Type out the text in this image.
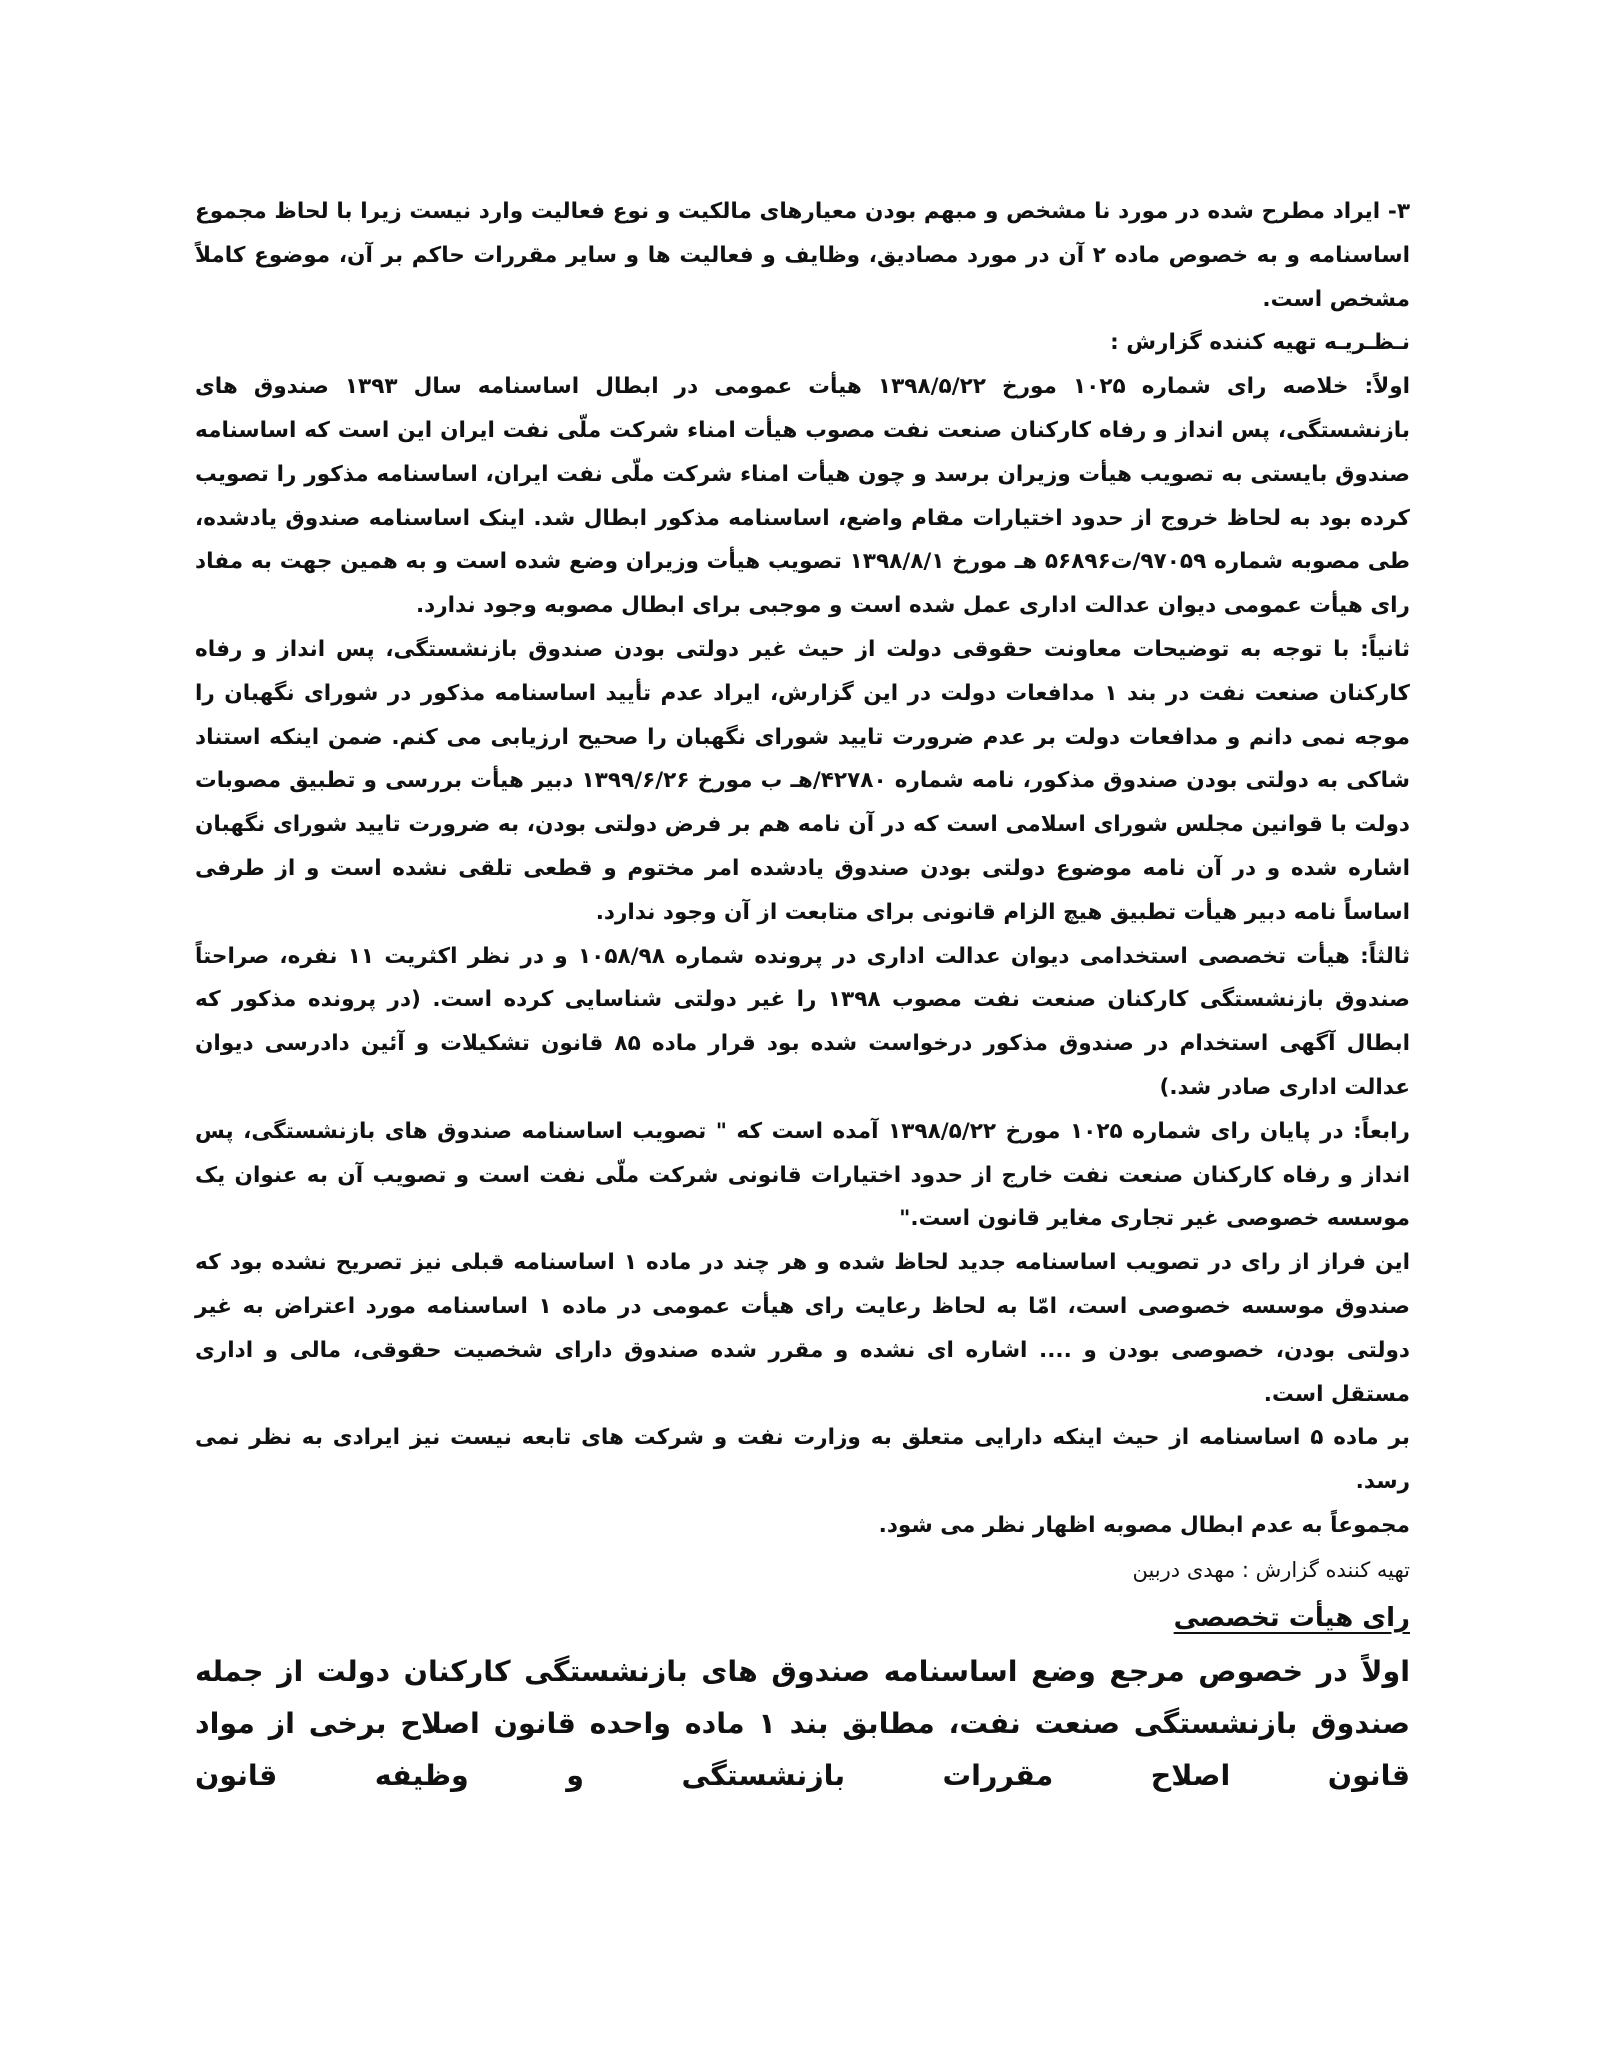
۳- ایراد مطرح شده در مورد نا مشخص و مبهم بودن معیارهای مالکیت و نوع فعالیت وارد نیست زیرا با لحاظ مجموع اساسنامه و به خصوص ماده ۲ آن در مورد مصادیق، وظایف و فعالیت ها و سایر مقررات حاکم بر آن، موضوع کاملاً مشخص است.

نـظـریـه تهیه کننده گزارش :

اولاً: خلاصه رای شماره ۱۰۲۵ مورخ ۱۳۹۸/۵/۲۲ هیأت عمومی در ابطال اساسنامه سال ۱۳۹۳ صندوق های بازنشستگی، پس انداز و رفاه کارکنان صنعت نفت مصوب هیأت امناء شرکت ملّی نفت ایران این است که اساسنامه صندوق بایستی به تصویب هیأت وزیران برسد و چون هیأت امناء شرکت ملّی نفت ایران، اساسنامه مذکور را تصویب کرده بود به لحاظ خروج از حدود اختیارات مقام واضع، اساسنامه مذکور ابطال شد. اینک اساسنامه صندوق یادشده، طی مصوبه شماره ۹۷۰۵۹/ت۵۶۸۹۶ هـ مورخ ۱۳۹۸/۸/۱ تصویب هیأت وزیران وضع شده است و به همین جهت به مفاد رای هیأت عمومی دیوان عدالت اداری عمل شده است و موجبی برای ابطال مصوبه وجود ندارد.

ثانیاً: با توجه به توضیحات معاونت حقوقی دولت از حیث غیر دولتی بودن صندوق بازنشستگی، پس انداز و رفاه کارکنان صنعت نفت در بند ۱ مدافعات دولت در این گزارش، ایراد عدم تأیید اساسنامه مذکور در شورای نگهبان را موجه نمی دانم و مدافعات دولت بر عدم ضرورت تایید شورای نگهبان را صحیح ارزیابی می کنم. ضمن اینکه استناد شاکی به دولتی بودن صندوق مذکور، نامه شماره ۴۲۷۸۰/هـ ب مورخ ۱۳۹۹/۶/۲۶ دبیر هیأت بررسی و تطبیق مصوبات دولت با قوانین مجلس شورای اسلامی است که در آن نامه هم بر فرض دولتی بودن، به ضرورت تایید شورای نگهبان اشاره شده و در آن نامه موضوع دولتی بودن صندوق یادشده امر مختوم و قطعی تلقی نشده است و از طرفی اساساً نامه دبیر هیأت تطبیق هیچ الزام قانونی برای متابعت از آن وجود ندارد.

ثالثاً: هیأت تخصصی استخدامی دیوان عدالت اداری در پرونده شماره ۱۰۵۸/۹۸ و در نظر اکثریت ۱۱ نفره، صراحتاً صندوق بازنشستگی کارکنان صنعت نفت مصوب ۱۳۹۸ را غیر دولتی شناسایی کرده است. (در پرونده مذکور که ابطال آگهی استخدام در صندوق مذکور درخواست شده بود قرار ماده ۸۵ قانون تشکیلات و آئین دادرسی دیوان عدالت اداری صادر شد.)

رابعاً: در پایان رای شماره ۱۰۲۵ مورخ ۱۳۹۸/۵/۲۲ آمده است که " تصویب اساسنامه صندوق های بازنشستگی، پس انداز و رفاه کارکنان صنعت نفت خارج از حدود اختیارات قانونی شرکت ملّی نفت است و تصویب آن به عنوان یک موسسه خصوصی غیر تجاری مغایر قانون است."

این فراز از رای در تصویب اساسنامه جدید لحاظ شده و هر چند در ماده ۱ اساسنامه قبلی نیز تصریح نشده بود که صندوق موسسه خصوصی است، امّا به لحاظ رعایت رای هیأت عمومی در ماده ۱ اساسنامه مورد اعتراض به غیر دولتی بودن، خصوصی بودن و .... اشاره ای نشده و مقرر شده صندوق دارای شخصیت حقوقی، مالی و اداری مستقل است.

بر ماده ۵ اساسنامه از حیث اینکه دارایی متعلق به وزارت نفت و شرکت های تابعه نیست نیز ایرادی به نظر نمی رسد.

مجموعاً به عدم ابطال مصوبه اظهار نظر می شود.

تهیه کننده گزارش : مهدی دربین

رای هیأت تخصصی

اولاً در خصوص مرجع وضع اساسنامه صندوق های بازنشستگی کارکنان دولت از جمله صندوق بازنشستگی صنعت نفت، مطابق بند ۱ ماده واحده قانون اصلاح برخی از مواد قانون اصلاح مقررات بازنشستگی و وظیفه قانون
